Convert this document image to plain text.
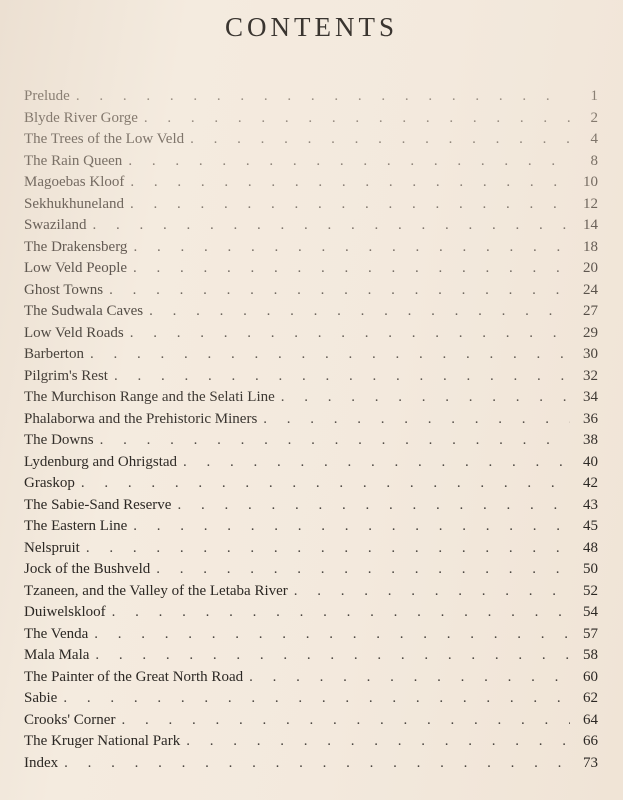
CONTENTS
Prelude . . .	1
Blyde River Gorge . . .	2
The Trees of the Low Veld . . .	4
The Rain Queen . . .	8
Magoebas Kloof . . .	10
Sekhukhuneland . . .	12
Swaziland . . .	14
The Drakensberg . . .	18
Low Veld People . . .	20
Ghost Towns . . .	24
The Sudwala Caves . . .	27
Low Veld Roads . . .	29
Barberton . . .	30
Pilgrim's Rest . . .	32
The Murchison Range and the Selati Line . . .	34
Phalaborwa and the Prehistoric Miners . . .	36
The Downs . . .	38
Lydenburg and Ohrigstad . . .	40
Graskop . . .	42
The Sabie-Sand Reserve . . .	43
The Eastern Line . . .	45
Nelspruit . . .	48
Jock of the Bushveld . . .	50
Tzaneen, and the Valley of the Letaba River . . .	52
Duiwelskloof . . .	54
The Venda . . .	57
Mala Mala . . .	58
The Painter of the Great North Road . . .	60
Sabie . . .	62
Crooks' Corner . . .	64
The Kruger National Park . . .	66
Index . . .	73
